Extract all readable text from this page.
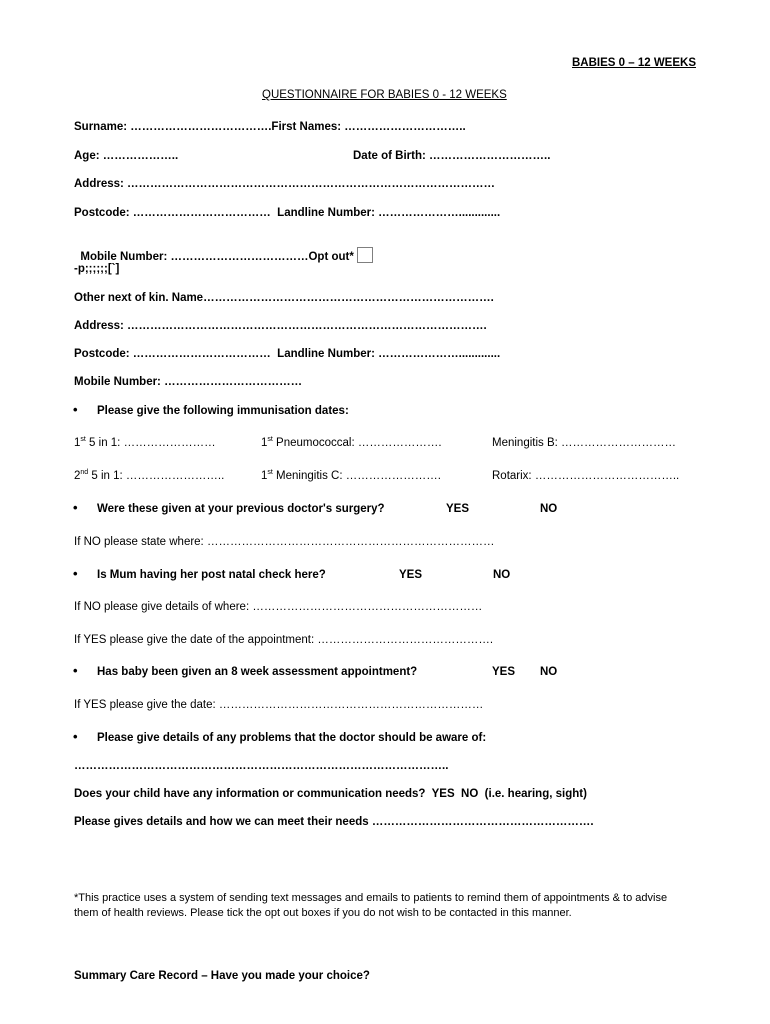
BABIES 0 – 12 WEEKS
QUESTIONNAIRE FOR BABIES 0 - 12 WEEKS
Surname: ……………………………….First Names: …………………………..
Age: ………………..	Date of Birth: …………………………..
Address: ……………………………………………………………………………………
Postcode: ………………………………  Landline Number: ………………….............

Mobile Number: ………………………………Opt out*

-p;;;;;;[`]
Other next of kin. Name………………………………………………………………….
Address: ………………………………………………………………………………….
Postcode: ………………………………  Landline Number: ………………….............
Mobile Number: ………………………………
• Please give the following immunisation dates:
1st 5 in 1: ……………………	1st Pneumococcal: ………………….	Meningitis B: …………………………
2nd 5 in 1: ……………………..	1st Meningitis C: …………………….	Rotarix: ………………………………..
• Were these given at your previous doctor's surgery?	YES	NO
If NO please state where: …………………………………………………………………
• Is Mum having her post natal check here?	YES	NO
If NO please give details of where: ……………………………………………………
If YES please give the date of the appointment: ……………………………………….
• Has baby been given an 8 week assessment appointment?	YES NO
If YES please give the date: ……………………………………………………………
• Please give details of any problems that the doctor should be aware of:
……………………………………………………………………………………..
Does your child have any information or communication needs?  YES  NO  (i.e. hearing, sight)
Please gives details and how we can meet their needs ………………………………………………….
*This practice uses a system of sending text messages and emails to patients to remind them of appointments & to advise them of health reviews. Please tick the opt out boxes if you do not wish to be contacted in this manner.
Summary Care Record – Have you made your choice?
